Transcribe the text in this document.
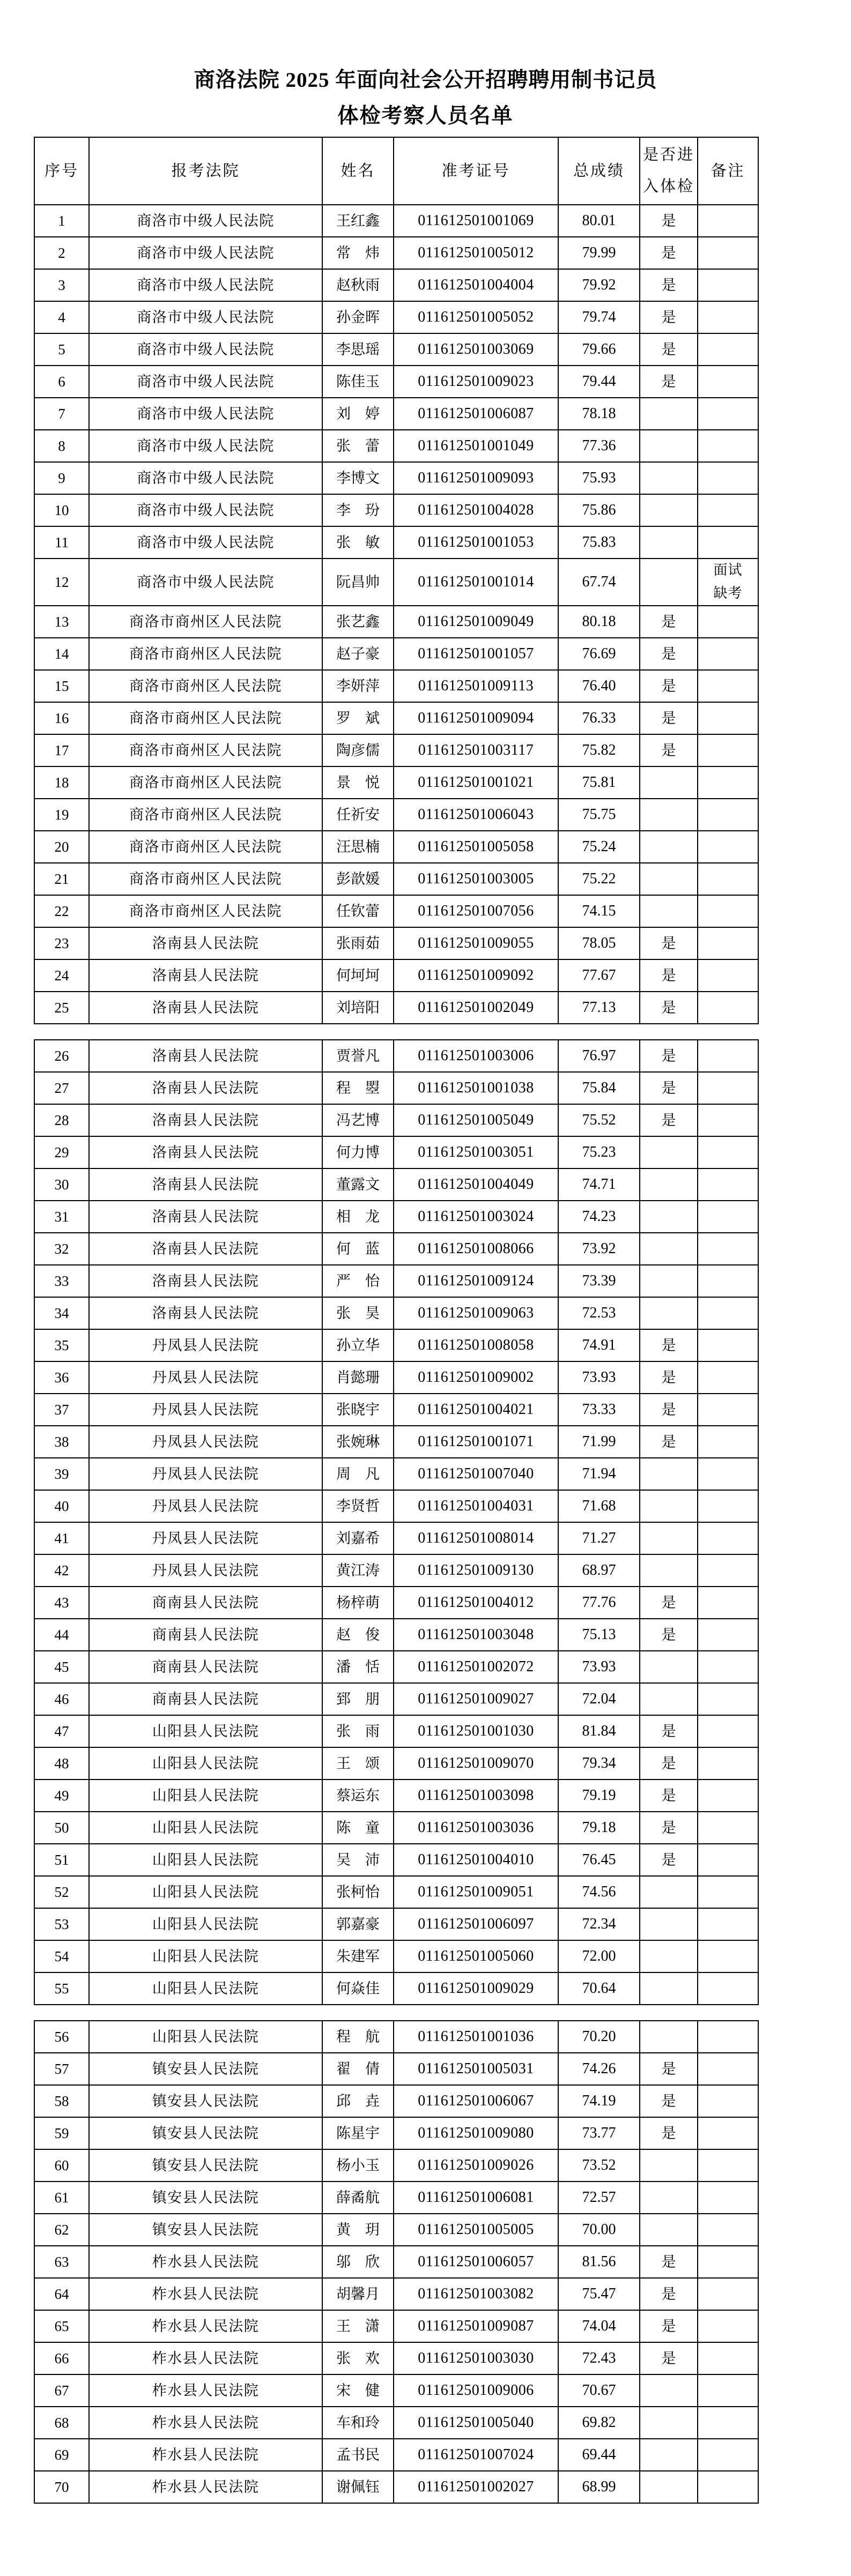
商洛法院 2025 年面向社会公开招聘聘用制书记员
体检考察人员名单
序号	报考法院	姓名	准考证号	总成绩	是否进入体检	备注
1	商洛市中级人民法院	王红鑫	011612501001069	80.01	是	
2	商洛市中级人民法院	常　炜	011612501005012	79.99	是	
3	商洛市中级人民法院	赵秋雨	011612501004004	79.92	是	
4	商洛市中级人民法院	孙金晖	011612501005052	79.74	是	
5	商洛市中级人民法院	李思瑶	011612501003069	79.66	是	
6	商洛市中级人民法院	陈佳玉	011612501009023	79.44	是	
7	商洛市中级人民法院	刘　婷	011612501006087	78.18		
8	商洛市中级人民法院	张　蕾	011612501001049	77.36		
9	商洛市中级人民法院	李博文	011612501009093	75.93		
10	商洛市中级人民法院	李　玢	011612501004028	75.86		
11	商洛市中级人民法院	张　敏	011612501001053	75.83		
12	商洛市中级人民法院	阮昌帅	011612501001014	67.74		面试缺考
13	商洛市商州区人民法院	张艺鑫	011612501009049	80.18	是	
14	商洛市商州区人民法院	赵子豪	011612501001057	76.69	是	
15	商洛市商州区人民法院	李妍萍	011612501009113	76.40	是	
16	商洛市商州区人民法院	罗　斌	011612501009094	76.33	是	
17	商洛市商州区人民法院	陶彦儒	011612501003117	75.82	是	
18	商洛市商州区人民法院	景　悦	011612501001021	75.81		
19	商洛市商州区人民法院	任祈安	011612501006043	75.75		
20	商洛市商州区人民法院	汪思楠	011612501005058	75.24		
21	商洛市商州区人民法院	彭歆媛	011612501003005	75.22		
22	商洛市商州区人民法院	任钦蕾	011612501007056	74.15		
23	洛南县人民法院	张雨茹	011612501009055	78.05	是	
24	洛南县人民法院	何坷坷	011612501009092	77.67	是	
25	洛南县人民法院	刘培阳	011612501002049	77.13	是	
26	洛南县人民法院	贾誉凡	011612501003006	76.97	是	
27	洛南县人民法院	程　曌	011612501001038	75.84	是	
28	洛南县人民法院	冯艺博	011612501005049	75.52	是	
29	洛南县人民法院	何力博	011612501003051	75.23		
30	洛南县人民法院	董露文	011612501004049	74.71		
31	洛南县人民法院	相　龙	011612501003024	74.23		
32	洛南县人民法院	何　蓝	011612501008066	73.92		
33	洛南县人民法院	严　怡	011612501009124	73.39		
34	洛南县人民法院	张　昊	011612501009063	72.53		
35	丹凤县人民法院	孙立华	011612501008058	74.91	是	
36	丹凤县人民法院	肖懿珊	011612501009002	73.93	是	
37	丹凤县人民法院	张晓宇	011612501004021	73.33	是	
38	丹凤县人民法院	张婉琳	011612501001071	71.99	是	
39	丹凤县人民法院	周　凡	011612501007040	71.94		
40	丹凤县人民法院	李贤哲	011612501004031	71.68		
41	丹凤县人民法院	刘嘉希	011612501008014	71.27		
42	丹凤县人民法院	黄江涛	011612501009130	68.97		
43	商南县人民法院	杨梓萌	011612501004012	77.76	是	
44	商南县人民法院	赵　俊	011612501003048	75.13	是	
45	商南县人民法院	潘　恬	011612501002072	73.93		
46	商南县人民法院	郅　朋	011612501009027	72.04		
47	山阳县人民法院	张　雨	011612501001030	81.84	是	
48	山阳县人民法院	王　颂	011612501009070	79.34	是	
49	山阳县人民法院	蔡运东	011612501003098	79.19	是	
50	山阳县人民法院	陈　童	011612501003036	79.18	是	
51	山阳县人民法院	吴　沛	011612501004010	76.45	是	
52	山阳县人民法院	张柯怡	011612501009051	74.56		
53	山阳县人民法院	郭嘉豪	011612501006097	72.34		
54	山阳县人民法院	朱建军	011612501005060	72.00		
55	山阳县人民法院	何焱佳	011612501009029	70.64		
56	山阳县人民法院	程　航	011612501001036	70.20		
57	镇安县人民法院	翟　倩	011612501005031	74.26	是	
58	镇安县人民法院	邱　垚	011612501006067	74.19	是	
59	镇安县人民法院	陈星宇	011612501009080	73.77	是	
60	镇安县人民法院	杨小玉	011612501009026	73.52		
61	镇安县人民法院	薛矞航	011612501006081	72.57		
62	镇安县人民法院	黄　玥	011612501005005	70.00		
63	柞水县人民法院	邬　欣	011612501006057	81.56	是	
64	柞水县人民法院	胡馨月	011612501003082	75.47	是	
65	柞水县人民法院	王　潇	011612501009087	74.04	是	
66	柞水县人民法院	张　欢	011612501003030	72.43	是	
67	柞水县人民法院	宋　健	011612501009006	70.67		
68	柞水县人民法院	车和玲	011612501005040	69.82		
69	柞水县人民法院	孟书民	011612501007024	69.44		
70	柞水县人民法院	谢佩钰	011612501002027	68.99		
